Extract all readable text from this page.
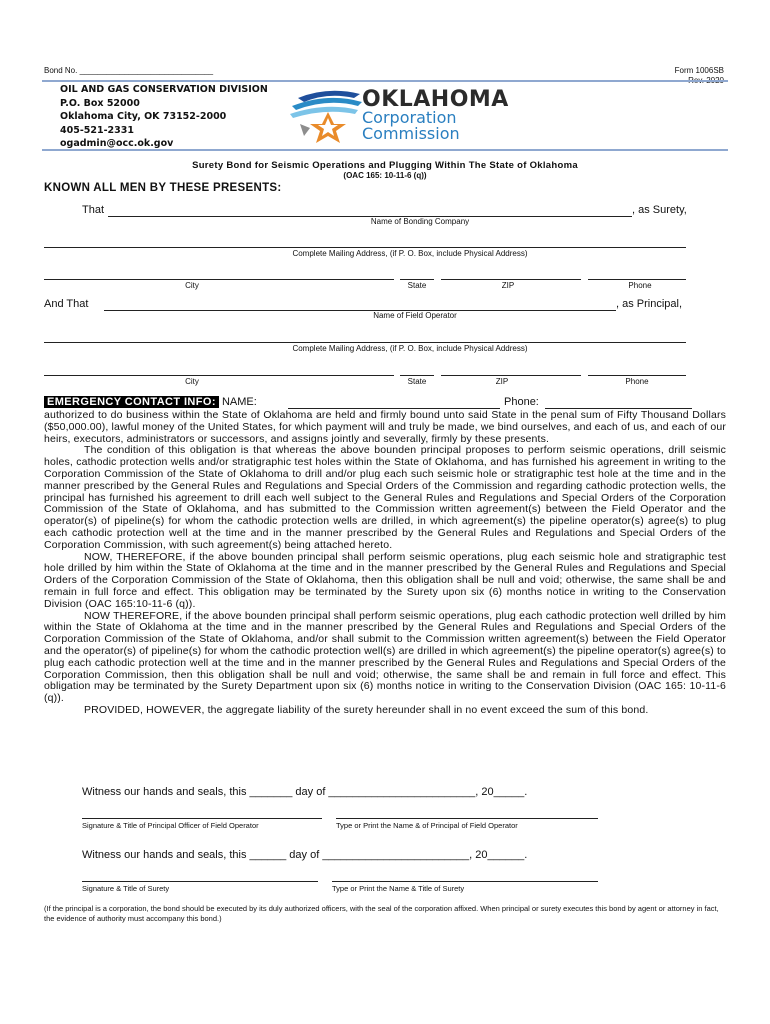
Bond No. ______________________________	Form 1006SB
OIL AND GAS CONSERVATION DIVISION
P.O. Box 52000
Oklahoma City, OK 73152-2000
405-521-2331
ogadmin@occ.ok.gov
OKLAHOMA
Corporation
Commission
Surety Bond for Seismic Operations and Plugging Within The State of Oklahoma
(OAC 165: 10-11-6 (q))
KNOWN ALL MEN BY THESE PRESENTS:
That	, as Surety,
Name of Bonding Company
Complete Mailing Address, (if P. O. Box, include Physical Address)
City	State	ZIP	Phone
And That	, as Principal,
Name of Field Operator
Complete Mailing Address, (if P. O. Box, include Physical Address)
City	State	ZIP	Phone
EMERGENCY CONTACT INFO: NAME:	Phone:

authorized to do business within the State of Oklahoma are held and firmly bound unto said State in the penal sum of Fifty Thousand Dollars ($50,000.00), lawful money of the United States, for which payment will and truly be made, we bind ourselves, and each of us, and each of our heirs, executors, administrators or successors, and assigns jointly and severally, firmly by these presents.

The condition of this obligation is that whereas the above bounden principal proposes to perform seismic operations, drill seismic holes, cathodic protection wells and/or stratigraphic test holes within the State of Oklahoma, and has furnished his agreement in writing to the Corporation Commission of the State of Oklahoma to drill and/or plug each such seismic hole or stratigraphic test hole at the time and in the manner prescribed by the General Rules and Regulations and Special Orders of the Commission and regarding cathodic protection wells, the principal has furnished his agreement to drill each well subject to the General Rules and Regulations and Special Orders of the Corporation Commission of the State of Oklahoma, and has submitted to the Commission written agreement(s) between the Field Operator and the operator(s) of pipeline(s) for whom the cathodic protection wells are drilled, in which agreement(s) the pipeline operator(s) agree(s) to plug each cathodic protection well at the time and in the manner prescribed by the General Rules and Regulations and Special Orders of the Corporation Commission, with such agreement(s) being attached hereto.

NOW, THEREFORE, if the above bounden principal shall perform seismic operations, plug each seismic hole and stratigraphic test hole drilled by him within the State of Oklahoma at the time and in the manner prescribed by the General Rules and Regulations and Special Orders of the Corporation Commission of the State of Oklahoma, then this obligation shall be null and void; otherwise, the same shall be and remain in full force and effect. This obligation may be terminated by the Surety upon six (6) months notice in writing to the Conservation Division (OAC 165:10-11-6 (q)).

NOW THEREFORE, if the above bounden principal shall perform seismic operations, plug each cathodic protection well drilled by him within the State of Oklahoma at the time and in the manner prescribed by the General Rules and Regulations and Special Orders of the Corporation Commission of the State of Oklahoma, and/or shall submit to the Commission written agreement(s) between the Field Operator and the operator(s) of pipeline(s) for whom the cathodic protection well(s) are drilled in which agreement(s) the pipeline operator(s) agree(s) to plug each cathodic protection well at the time and in the manner prescribed by the General Rules and Regulations and Special Orders of the Corporation Commission, then this obligation shall be null and void; otherwise, the same shall be and remain in full force and effect. This obligation may be terminated by the Surety Department upon six (6) months notice in writing to the Conservation Division (OAC 165: 10-11-6 (q)).

PROVIDED, HOWEVER, the aggregate liability of the surety hereunder shall in no event exceed the sum of this bond.

Witness our hands and seals, this _______ day of ________________________, 20_____.
Signature & Title of Principal Officer of Field Operator	Type or Print the Name & of Principal of Field Operator
Witness our hands and seals, this ______ day of ________________________, 20______.
Signature & Title of Surety	Type or Print the Name & Title of Surety
(If the principal is a corporation, the bond should be executed by its duly authorized officers, with the seal of the corporation affixed. When principal or surety executes this bond by agent or attorney in fact, the evidence of authority must accompany this bond.)
